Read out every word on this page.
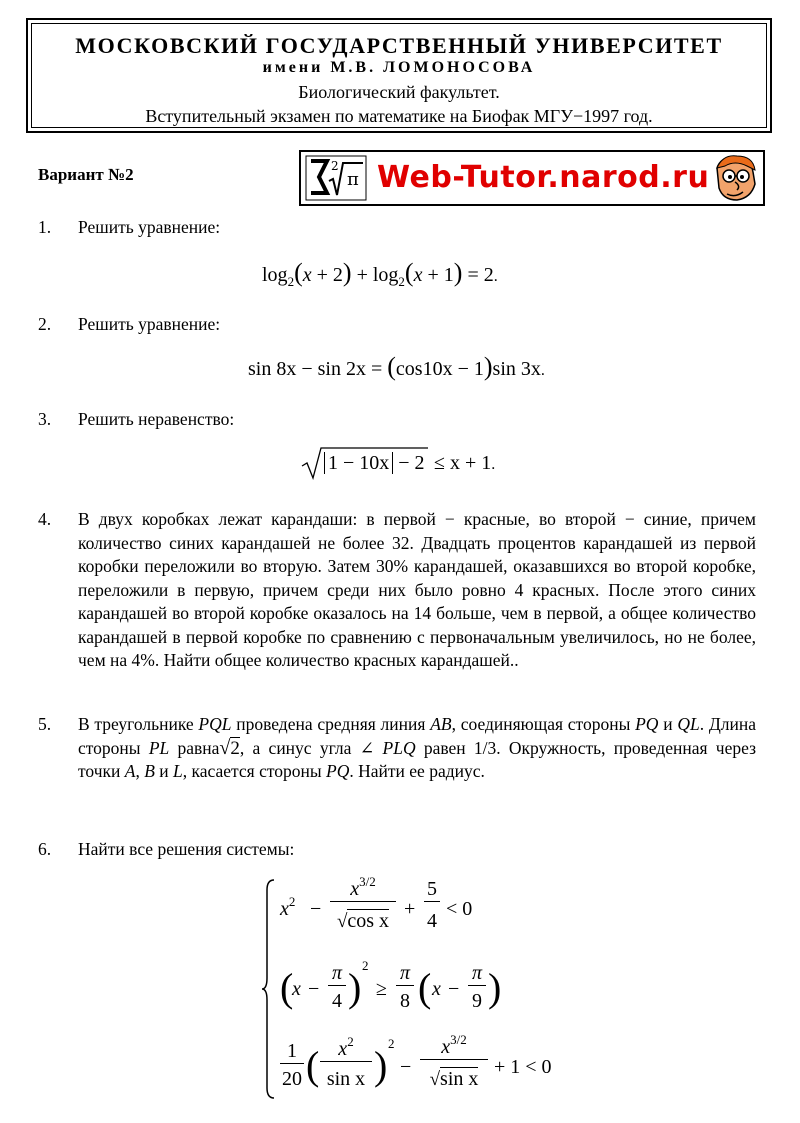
МОСКОВСКИЙ ГОСУДАРСТВЕННЫЙ УНИВЕРСИТЕТ
имени М.В. ЛОМОНОСОВА
Биологический факультет.
Вступительный экзамен по математике на Биофак МГУ−1997 год.
Вариант №2	π
2 Web-Tutor.narod.ru
1. Решить уравнение:
$\log_2(x + 2) + \log_2(x + 1) = 2$.
2. Решить уравнение:
sin 8x − sin 2x = (cos10x − 1)sin 3x.
3. Решить неравенство:
1 − 10x − 2 ≤ x + 1.
4. В двух коробках лежат карандаши: в первой − красные, во второй − синие, причем количество синих карандашей не более 32. Двадцать процентов карандашей из первой коробки переложили во вторую. Затем 30% карандашей, оказавшихся во второй коробке, переложили в первую, причем среди них было ровно 4 красных. После этого синих карандашей во второй коробке оказалось на 14 больше, чем в первой, а общее количество карандашей в первой коробке по сравнению с первоначальным увеличилось, но не более, чем на 4%. Найти общее количество красных карандашей..
5. В треугольнике PQL проведена средняя линия AB, соединяющая стороны PQ и QL. Длина стороны PL равна√2, а синус угла ∠ PLQ равен 1/3. Окружность, проведенная через точки A, B и L, касается стороны PQ. Найти ее радиус.
6. Найти все решения системы:
$x^2$ −
$x^{3/2}$
√cos x
+
5
4
< 0
(
x −
π
4 ) 2
≥
π
8 ( x −
π
9 )
1
20 ( $x^2$
sin x ) 2
−
$x^{3/2}$
√sin x
+ 1 < 0
